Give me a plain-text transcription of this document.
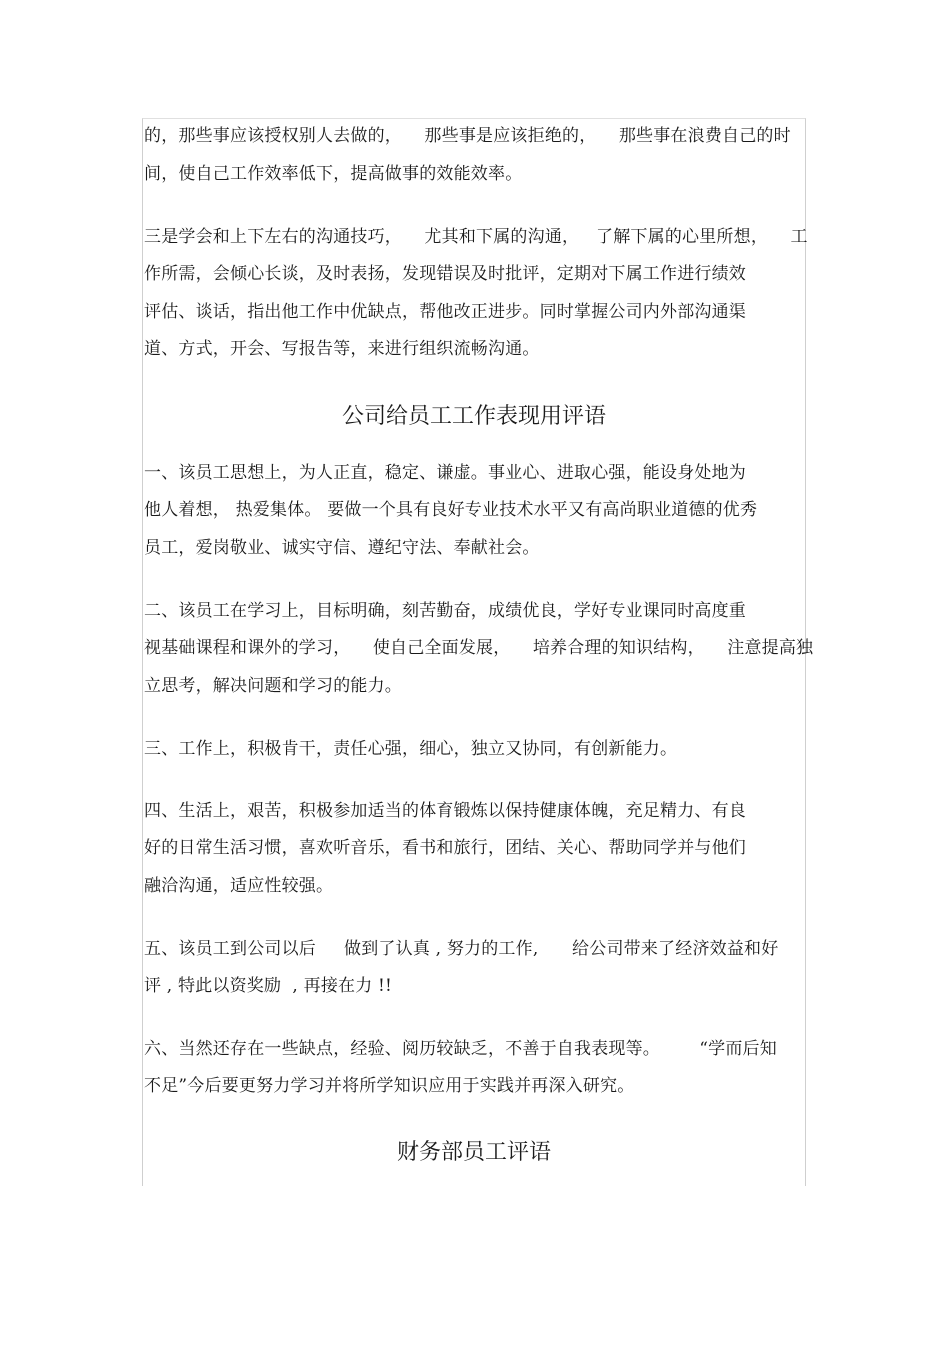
的，那些事应该授权别人去做的，    那些事是应该拒绝的，    那些事在浪费自己的时
间，使自己工作效率低下，提高做事的效能效率。
三是学会和上下左右的沟通技巧，    尤其和下属的沟通，   了解下属的心里所想，    工
作所需，会倾心长谈，及时表扬，发现错误及时批评，定期对下属工作进行绩效
评估、谈话，指出他工作中优缺点，帮他改正进步。同时掌握公司内外部沟通渠
道、方式，开会、写报告等，来进行组织流畅沟通。
公司给员工工作表现用评语
一、该员工思想上，为人正直，稳定、谦虚。事业心、进取心强，能设身处地为
他人着想， 热爱集体。 要做一个具有良好专业技术水平又有高尚职业道德的优秀
员工，爱岗敬业、诚实守信、遵纪守法、奉献社会。
二、该员工在学习上，目标明确，刻苦勤奋，成绩优良，学好专业课同时高度重
视基础课程和课外的学习，    使自己全面发展，    培养合理的知识结构，    注意提高独
立思考，解决问题和学习的能力。
三、工作上，积极肯干，责任心强，细心，独立又协同，有创新能力。
四、生活上，艰苦，积极参加适当的体育锻炼以保持健康体魄，充足精力、有良
好的日常生活习惯，喜欢听音乐，看书和旅行，团结、关心、帮助同学并与他们
融洽沟通，适应性较强。
五、该员工到公司以后     做到了认真 , 努力的工作,      给公司带来了经济效益和好
评 , 特此以资奖励  , 再接在力 !!
六、当然还存在一些缺点，经验、阅历较缺乏，不善于自我表现等。       “学而后知
不足”今后要更努力学习并将所学知识应用于实践并再深入研究。
财务部员工评语
